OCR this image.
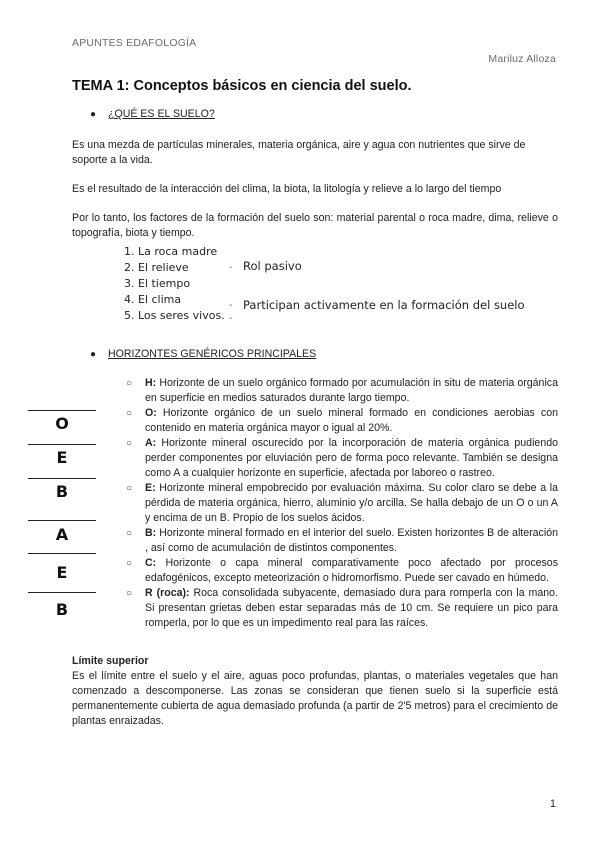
APUNTES EDAFOLOGÍA
Mariluz Alloza
TEMA 1: Conceptos básicos en ciencia del suelo.
● ¿QUÉ ES EL SUELO?
Es una mezda de partículas minerales, materia orgánica, aire y agua con nutrientes que sirve de soporte a la vida.
Es el resultado de la interacción del clima, la biota, la litología y relieve a lo largo del tiempo
Por lo tanto, los factores de la formación del suelo son: material parental o roca madre, dima, relieve o topografía, biota y tiempo.
1. La roca madre
2. El relieve
3. El tiempo
4. El clima
5. Los seres vivos.
- Rol pasivo
- Participan activamente en la formación del suelo
-
● HORIZONTES GENÉRICOS PRINCIPALES
○ H: Horizonte de un suelo orgánico formado por acumulación in situ de materia orgánica en superficie en medios saturados durante largo tiempo.
○ O: Horizonte orgánico de un suelo mineral formado en condiciones aerobias con contenido en materia orgánica mayor o igual al 20%.
○ A: Horizonte mineral oscurecido por la incorporación de materia orgánica pudiendo perder componentes por eluviación pero de forma poco relevante. También se designa como A a cualquier horizonte en superficie, afectada por laboreo o rastreo.
○ E: Horizonte mineral empobrecido por evaluación máxima. Su color claro se debe a la pérdida de materia orgánica, hierro, aluminio y/o arcilla. Se halla debajo de un O o un A y encima de un B. Propio de los suelos ácidos.
○ B: Horizonte mineral formado en el interior del suelo. Existen horizontes B de alteración , así como de acumulación de distintos componentes.
○ C: Horizonte o capa mineral comparativamente poco afectado por procesos edafogénicos, excepto meteorización o hidromorfismo. Puede ser cavado en húmedo.
○ R (roca): Roca consolidada subyacente, demasiado dura para romperla con la mano. Si presentan grietas deben estar separadas más de 10 cm. Se requiere un pico para romperla, por lo que es un impedimento real para las raíces.
O
E
B
A
E
B
Límite superior
Es el límite entre el suelo y el aire, aguas poco profundas, plantas, o materiales vegetales que han comenzado a descomponerse. Las zonas se consideran que tienen suelo si la superficie está permanentemente cubierta de agua demasiado profunda (a partir de 2'5 metros) para el crecimiento de plantas enraizadas.
1
